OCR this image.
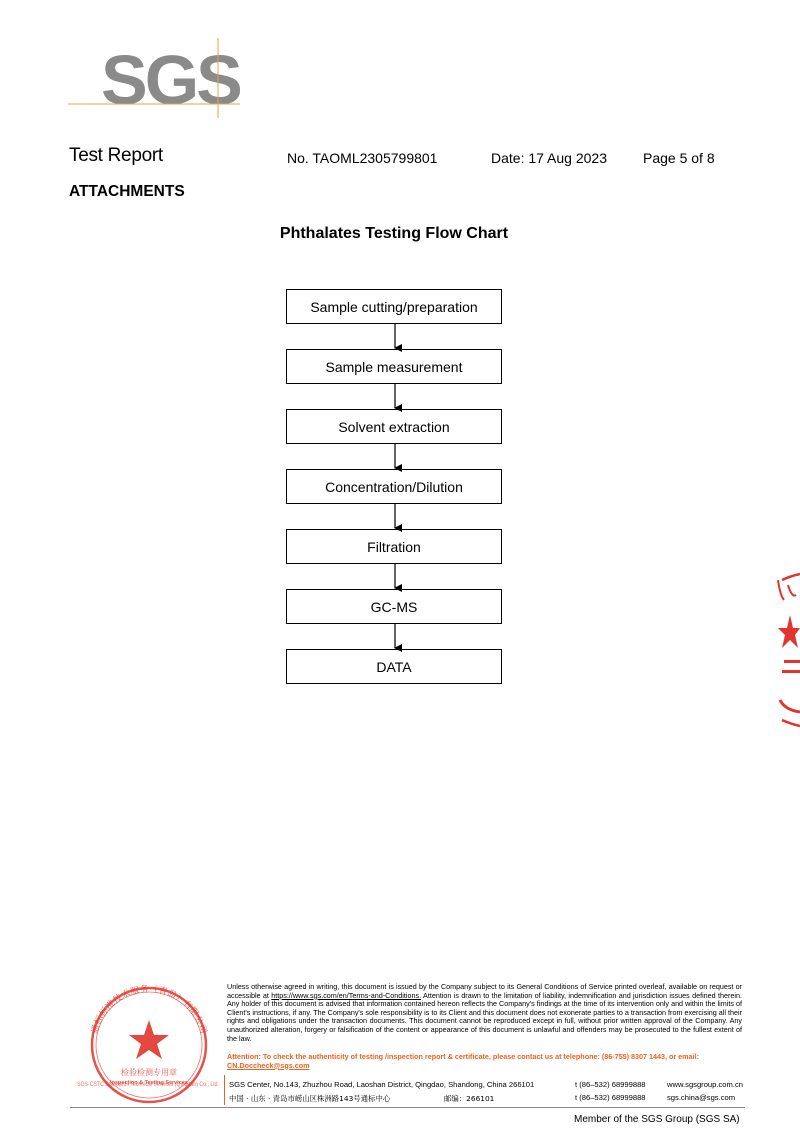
SGS
Test Report	No. TAOML2305799801	Date: 17 Aug 2023	Page 5 of 8
ATTACHMENTS
Phthalates Testing Flow Chart
Sample cutting/preparation
Sample measurement
Solvent extraction
Concentration/Dilution
Filtration
GC-MS
DATA
通标标准技术服务（青岛）有限公司
检验检测专用章
Inspection & Testing Services
SGS-CSTC Standards Technical Services (Qingdao) Co., Ltd.
Unless otherwise agreed in writing, this document is issued by the Company subject to its General Conditions of Service printed overleaf, available on request or accessible at https://www.sgs.com/en/Terms-and-Conditions. Attention is drawn to the limitation of liability, indemnification and jurisdiction issues defined therein. Any holder of this document is advised that information contained hereon reflects the Company's findings at the time of its intervention only and within the limits of Client's instructions, if any. The Company's sole responsibility is to its Client and this document does not exonerate parties to a transaction from exercising all their rights and obligations under the transaction documents. This document cannot be reproduced except in full, without prior written approval of the Company. Any unauthorized alteration, forgery or falsification of the content or appearance of this document is unlawful and offenders may be prosecuted to the fullest extent of the law.
Attention: To check the authenticity of testing /inspection report & certificate, please contact us at telephone: (86-755) 8307 1443, or email: CN.Doccheck@sgs.com
SGS Center, No.143, Zhuzhou Road, Laoshan District, Qingdao, Shandong, China 266101
中国 · 山东 · 青岛市崂山区株洲路143号通标中心	邮编：266101
t (86–532) 68999888
t (86–532) 68999888
www.sgsgroup.com.cn
sgs.china@sgs.com
Member of the SGS Group (SGS SA)
